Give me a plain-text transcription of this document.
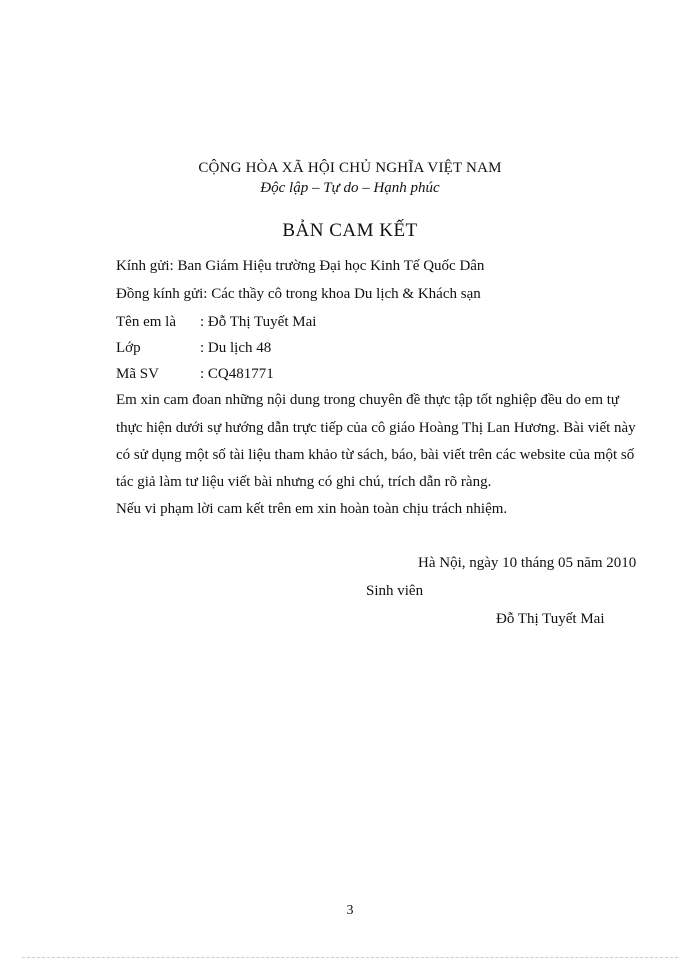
CỘNG HÒA XÃ HỘI CHỦ NGHĨA VIỆT NAM
Độc lập – Tự do – Hạnh phúc
BẢN CAM KẾT
Kính gửi: Ban Giám Hiệu trường Đại học Kinh Tế Quốc Dân
Đồng kính gửi: Các thầy cô trong khoa Du lịch & Khách sạn
Tên em là : Đỗ Thị Tuyết Mai
Lớp	: Du lịch 48
Mã SV	: CQ481771
Em xin cam đoan những nội dung trong chuyên đề thực tập tốt nghiệp đều do em tự
thực hiện dưới sự hướng dẫn trực tiếp của cô giáo Hoàng Thị Lan Hương. Bài viết này
có sử dụng một số tài liệu tham khảo từ sách, báo, bài viết trên các website của một số
tác giả làm tư liệu viết bài nhưng có ghi chú, trích dẫn rõ ràng.
Nếu vi phạm lời cam kết trên em xin hoàn toàn chịu trách nhiệm.
Hà Nội, ngày 10 tháng 05 năm 2010
Sinh viên
Đỗ Thị Tuyết Mai
3
